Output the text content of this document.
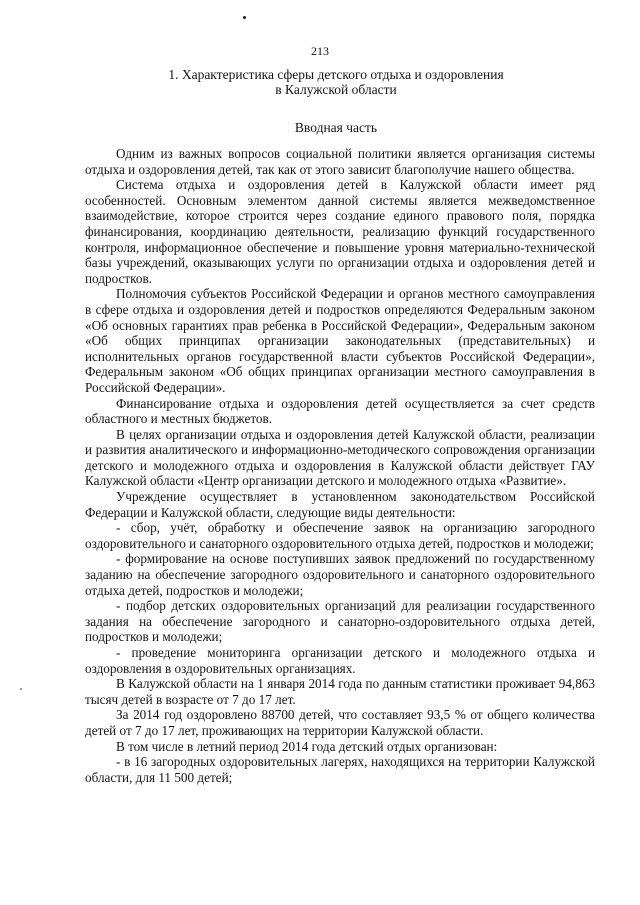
213
1. Характеристика сферы детского отдыха и оздоровления
в Калужской области
Вводная часть

Одним из важных вопросов социальной политики является организация системы отдыха и оздоровления детей, так как от этого зависит благополучие нашего общества.

Система отдыха и оздоровления детей в Калужской области имеет ряд особенностей. Основным элементом данной системы является межведомственное взаимодействие, которое строится через создание единого правового поля, порядка финансирования, координацию деятельности, реализацию функций государственного контроля, информационное обеспечение и повышение уровня материально-технической базы учреждений, оказывающих услуги по организации отдыха и оздоровления детей и подростков.

Полномочия субъектов Российской Федерации и органов местного самоуправления в сфере отдыха и оздоровления детей и подростков определяются Федеральным законом «Об основных гарантиях прав ребенка в Российской Федерации», Федеральным законом «Об общих принципах организации законодательных (представительных) и исполнительных органов государственной власти субъектов Российской Федерации», Федеральным законом «Об общих принципах организации местного самоуправления в Российской Федерации».

Финансирование отдыха и оздоровления детей осуществляется за счет средств областного и местных бюджетов.

В целях организации отдыха и оздоровления детей Калужской области, реализации и развития аналитического и информационно-методического сопровождения организации детского и молодежного отдыха и оздоровления в Калужской области действует ГАУ Калужской области «Центр организации детского и молодежного отдыха «Развитие».

Учреждение осуществляет в установленном законодательством Российской Федерации и Калужской области, следующие виды деятельности:

- сбор, учёт, обработку и обеспечение заявок на организацию загородного оздоровительного и санаторного оздоровительного отдыха детей, подростков и молодежи;

- формирование на основе поступивших заявок предложений по государственному заданию на обеспечение загородного оздоровительного и санаторного оздоровительного отдыха детей, подростков и молодежи;

- подбор детских оздоровительных организаций для реализации государственного задания на обеспечение загородного и санаторно-оздоровительного отдыха детей, подростков и молодежи;

- проведение мониторинга организации детского и молодежного отдыха и оздоровления в оздоровительных организациях.

В Калужской области на 1 января 2014 года по данным статистики проживает 94,863 тысяч детей в возрасте от 7 до 17 лет.

За 2014 год оздоровлено 88700 детей, что составляет 93,5 % от общего количества детей от 7 до 17 лет, проживающих на территории Калужской области.

В том числе в летний период 2014 года детский отдых организован:

- в 16 загородных оздоровительных лагерях, находящихся на территории Калужской области, для 11 500 детей;
